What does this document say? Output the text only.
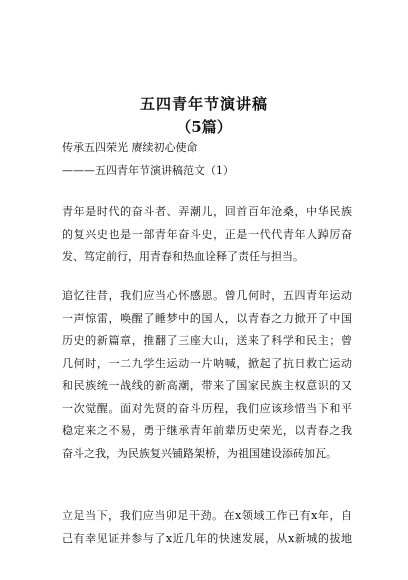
五四青年节演讲稿
（5篇）
传承五四荣光 赓续初心使命
———五四青年节演讲稿范文（1）
青年是时代的奋斗者、弄潮儿，回首百年沧桑，中华民族
的复兴史也是一部青年奋斗史，正是一代代青年人踔厉奋
发、笃定前行，用青春和热血诠释了责任与担当。
追忆往昔，我们应当心怀感恩。曾几何时，五四青年运动
一声惊雷，唤醒了睡梦中的国人，以青春之力掀开了中国
历史的新篇章，推翻了三座大山，送来了科学和民主；曾
几何时，一二九学生运动一片呐喊，掀起了抗日救亡运动
和民族统一战线的新高潮，带来了国家民族主权意识的又
一次觉醒。面对先贤的奋斗历程，我们应该珍惜当下和平
稳定来之不易，勇于继承青年前辈历史荣光，以青春之我
奋斗之我，为民族复兴铺路架桥，为祖国建设添砖加瓦。
立足当下，我们应当卯足干劲。在x领域工作已有x年，自
己有幸见证并参与了x近几年的快速发展，从x新城的拔地
